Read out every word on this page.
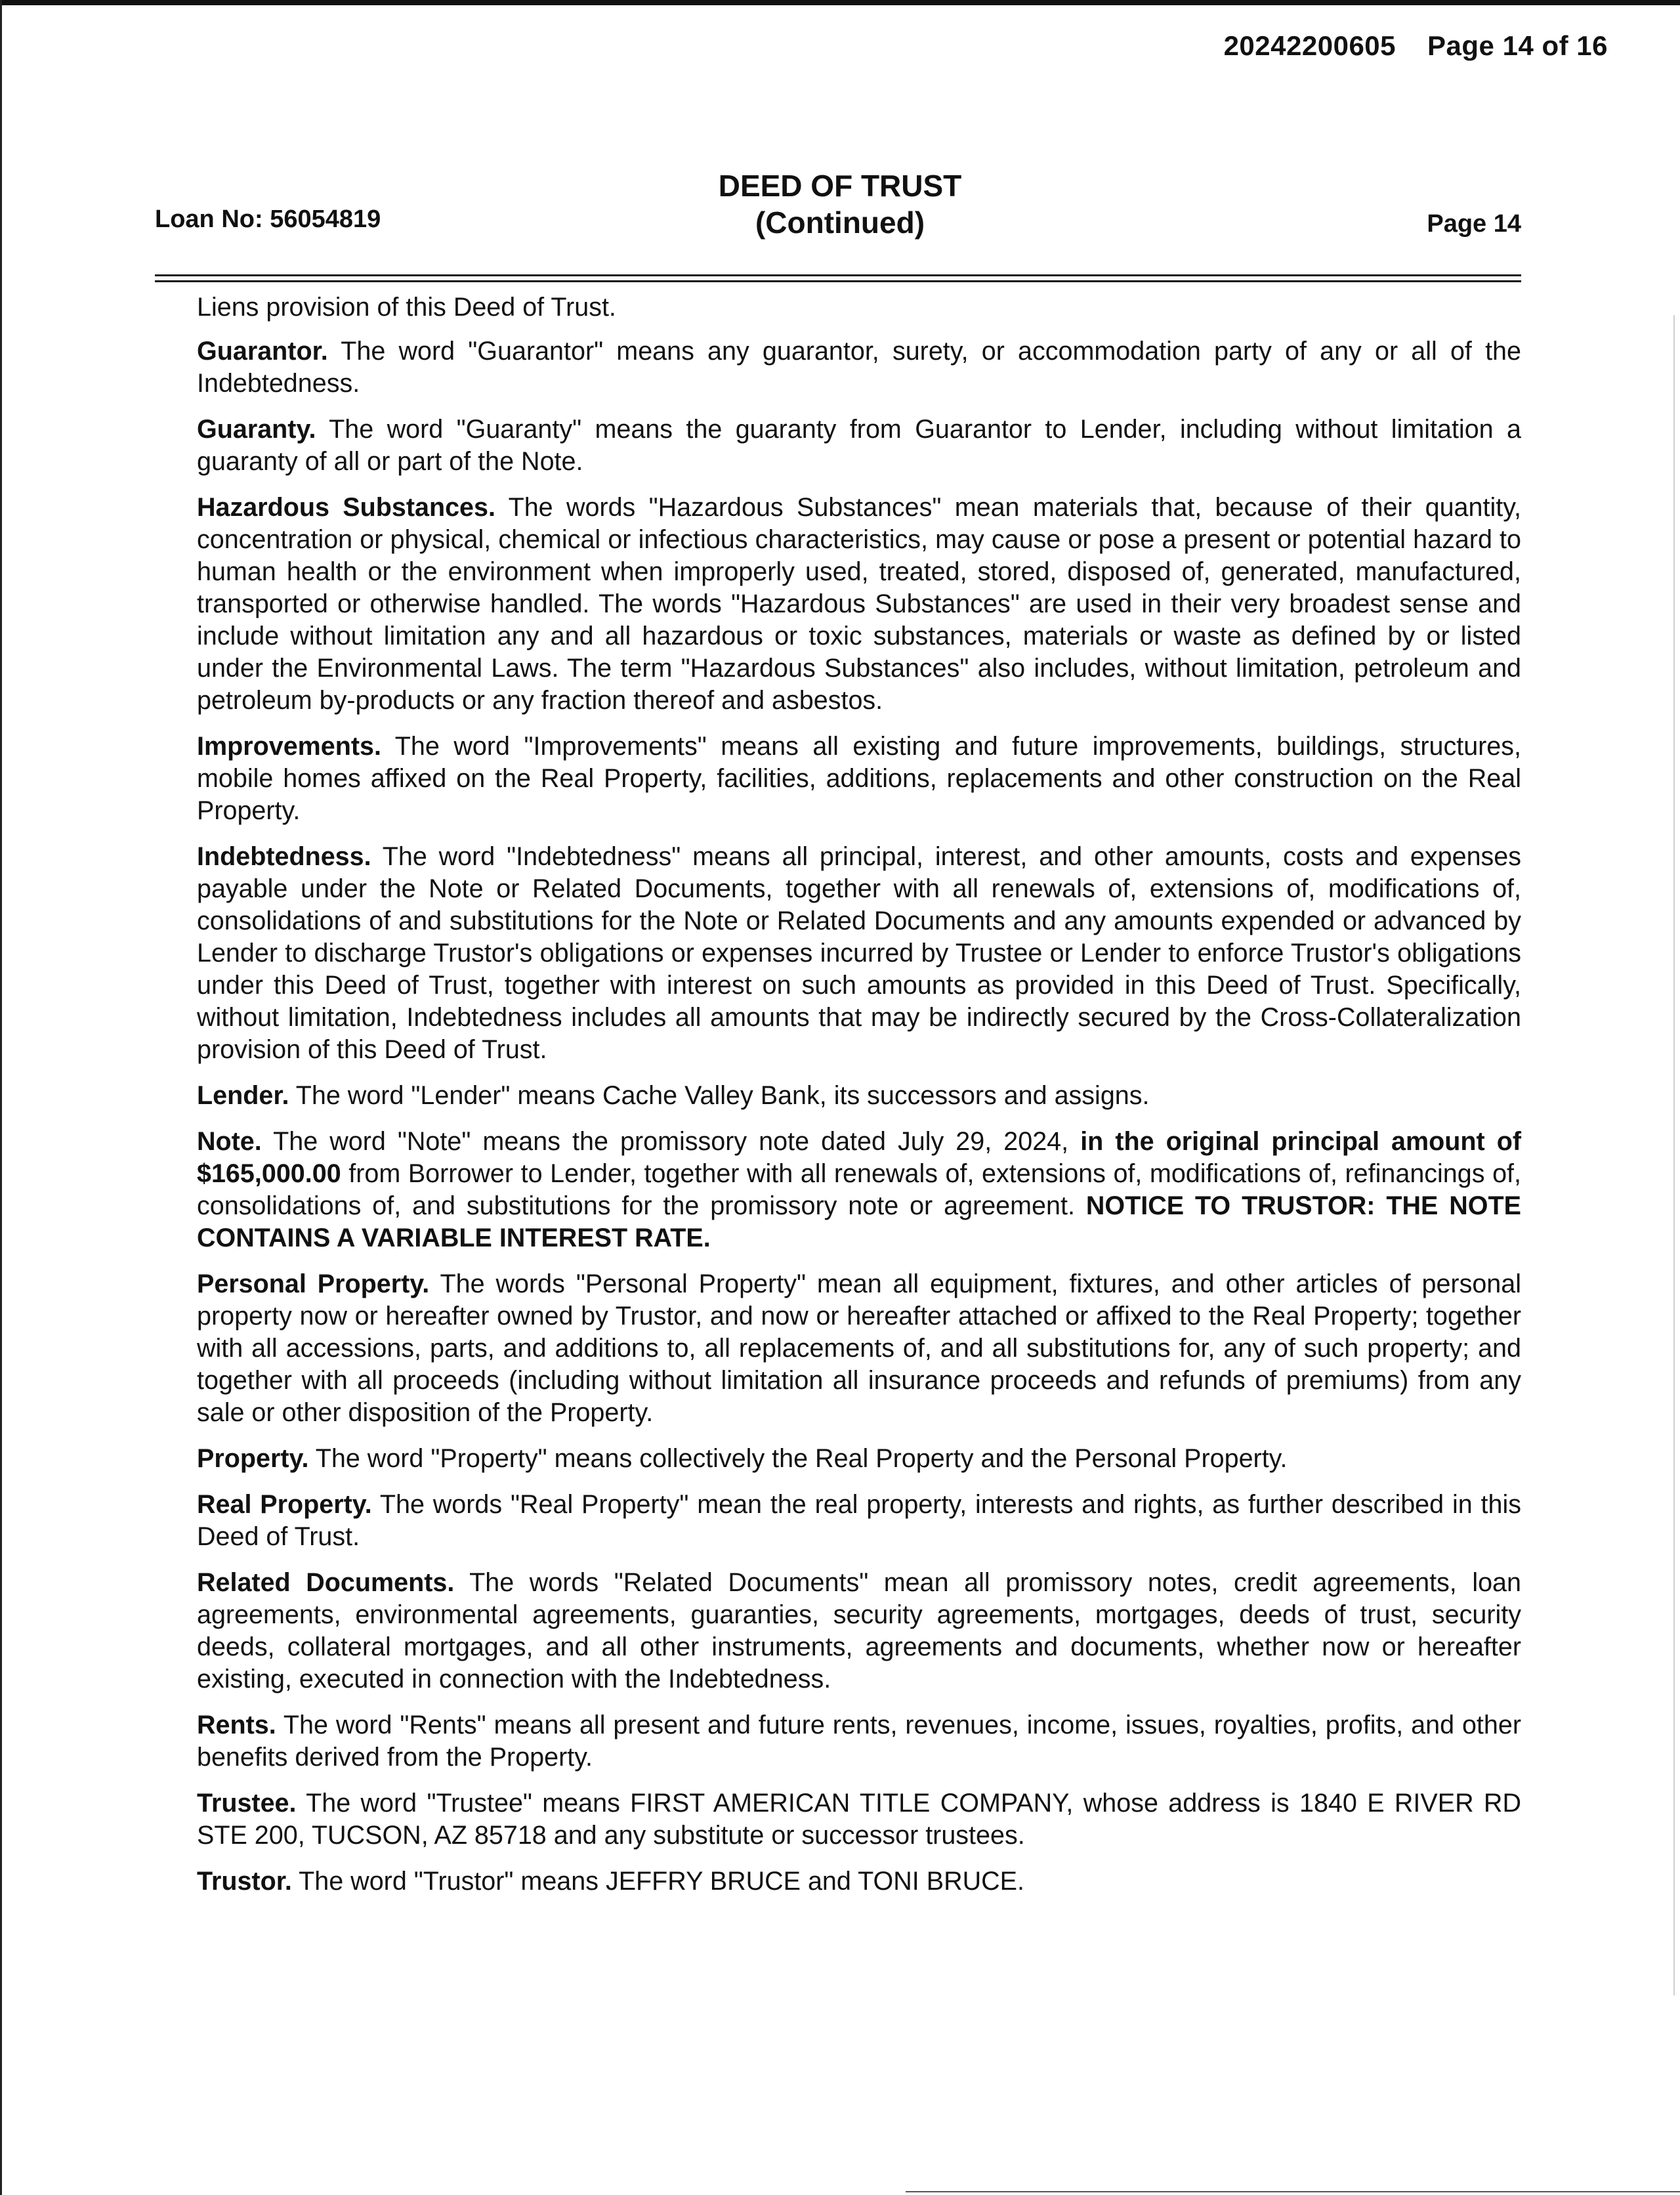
20242200605 Page 14 of 16
DEED OF TRUST
(Continued)
Loan No: 56054819	Page 14

Liens provision of this Deed of Trust.

Guarantor. The word "Guarantor" means any guarantor, surety, or accommodation party of any or all of the Indebtedness.

Guaranty. The word "Guaranty" means the guaranty from Guarantor to Lender, including without limitation a guaranty of all or part of the Note.

Hazardous Substances. The words "Hazardous Substances" mean materials that, because of their quantity, concentration or physical, chemical or infectious characteristics, may cause or pose a present or potential hazard to human health or the environment when improperly used, treated, stored, disposed of, generated, manufactured, transported or otherwise handled. The words "Hazardous Substances" are used in their very broadest sense and include without limitation any and all hazardous or toxic substances, materials or waste as defined by or listed under the Environmental Laws. The term "Hazardous Substances" also includes, without limitation, petroleum and petroleum by-products or any fraction thereof and asbestos.

Improvements. The word "Improvements" means all existing and future improvements, buildings, structures, mobile homes affixed on the Real Property, facilities, additions, replacements and other construction on the Real Property.

Indebtedness. The word "Indebtedness" means all principal, interest, and other amounts, costs and expenses payable under the Note or Related Documents, together with all renewals of, extensions of, modifications of, consolidations of and substitutions for the Note or Related Documents and any amounts expended or advanced by Lender to discharge Trustor's obligations or expenses incurred by Trustee or Lender to enforce Trustor's obligations under this Deed of Trust, together with interest on such amounts as provided in this Deed of Trust. Specifically, without limitation, Indebtedness includes all amounts that may be indirectly secured by the Cross-Collateralization provision of this Deed of Trust.

Lender. The word "Lender" means Cache Valley Bank, its successors and assigns.

Note. The word "Note" means the promissory note dated July 29, 2024, in the original principal amount of $165,000.00 from Borrower to Lender, together with all renewals of, extensions of, modifications of, refinancings of, consolidations of, and substitutions for the promissory note or agreement. NOTICE TO TRUSTOR: THE NOTE CONTAINS A VARIABLE INTEREST RATE.

Personal Property. The words "Personal Property" mean all equipment, fixtures, and other articles of personal property now or hereafter owned by Trustor, and now or hereafter attached or affixed to the Real Property; together with all accessions, parts, and additions to, all replacements of, and all substitutions for, any of such property; and together with all proceeds (including without limitation all insurance proceeds and refunds of premiums) from any sale or other disposition of the Property.

Property. The word "Property" means collectively the Real Property and the Personal Property.

Real Property. The words "Real Property" mean the real property, interests and rights, as further described in this Deed of Trust.

Related Documents. The words "Related Documents" mean all promissory notes, credit agreements, loan agreements, environmental agreements, guaranties, security agreements, mortgages, deeds of trust, security deeds, collateral mortgages, and all other instruments, agreements and documents, whether now or hereafter existing, executed in connection with the Indebtedness.

Rents. The word "Rents" means all present and future rents, revenues, income, issues, royalties, profits, and other benefits derived from the Property.

Trustee. The word "Trustee" means FIRST AMERICAN TITLE COMPANY, whose address is 1840 E RIVER RD STE 200, TUCSON, AZ 85718 and any substitute or successor trustees.

Trustor. The word "Trustor" means JEFFRY BRUCE and TONI BRUCE.
